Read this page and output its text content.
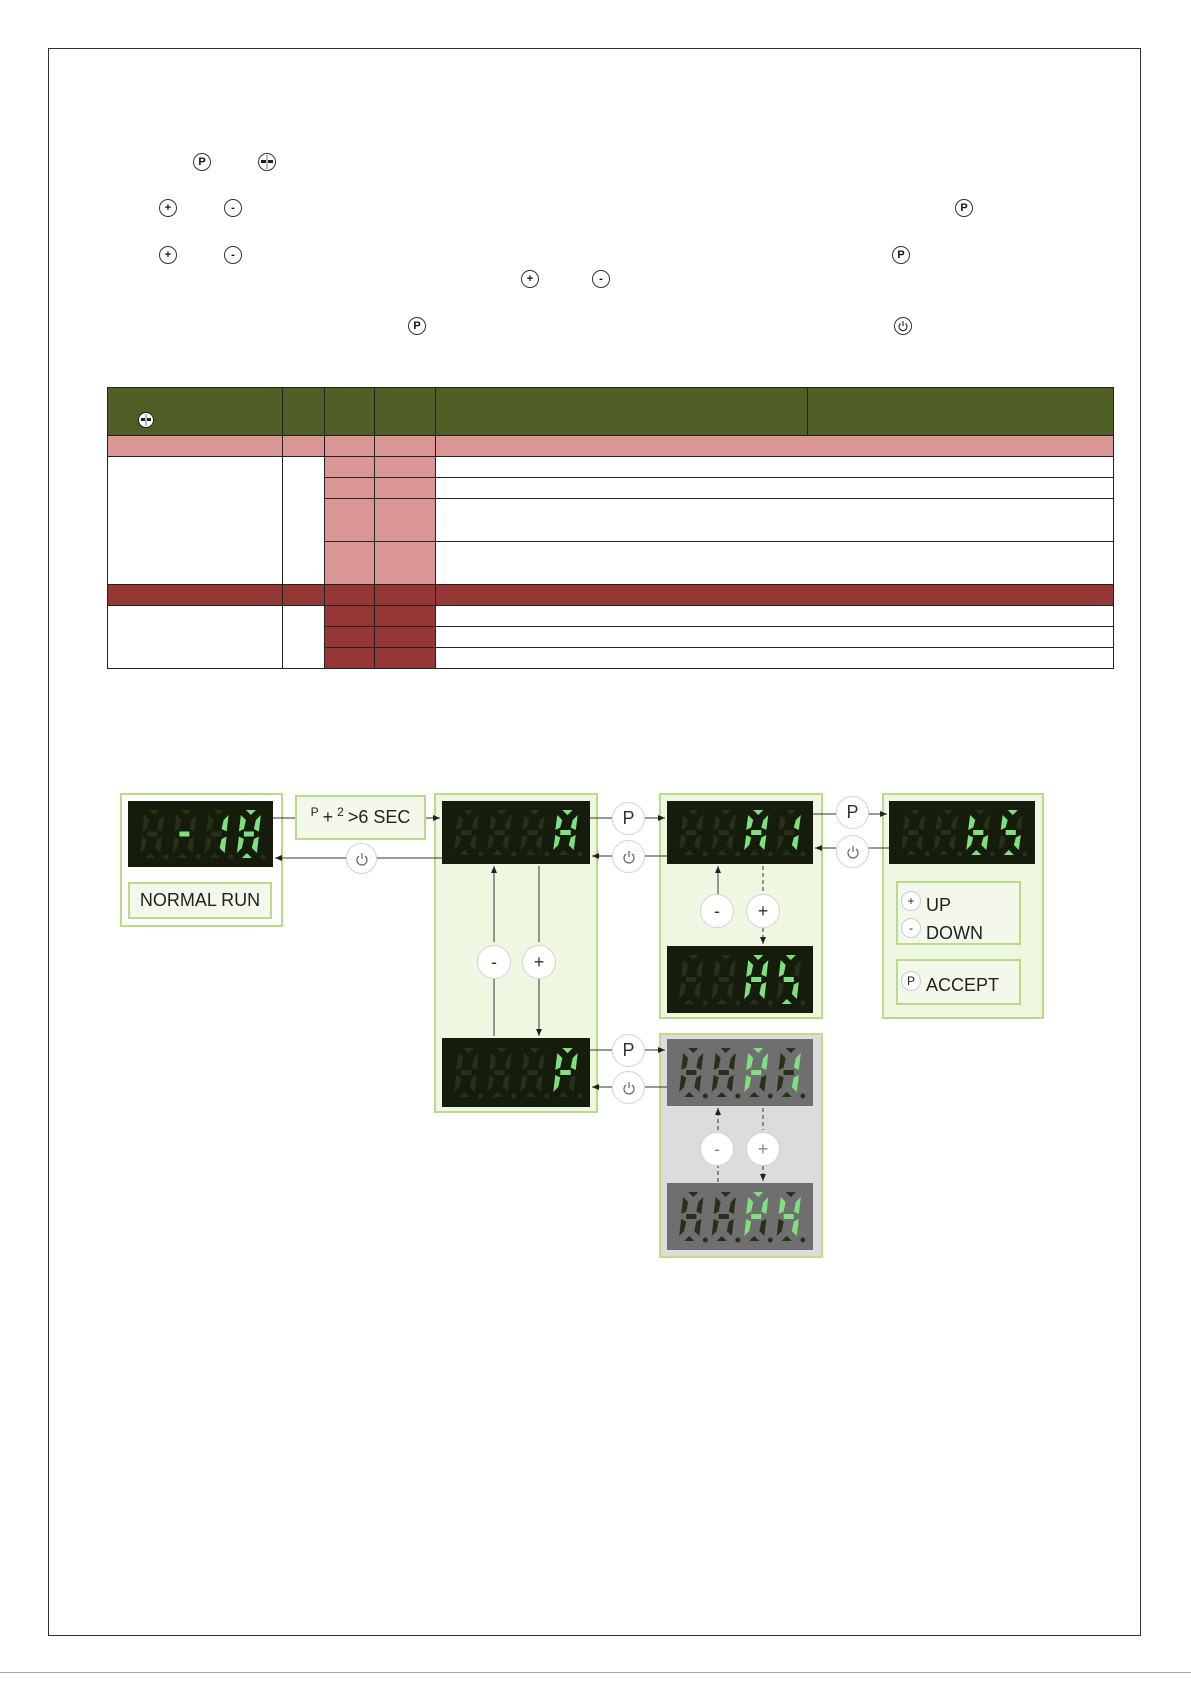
P
+	-	P
+	-	P
+	-
P

NORMAL RUN
P + 2 >6 SEC
+ UP
- DOWN
P ACCEPT
P	P
-	+
-	+
P
-	+
